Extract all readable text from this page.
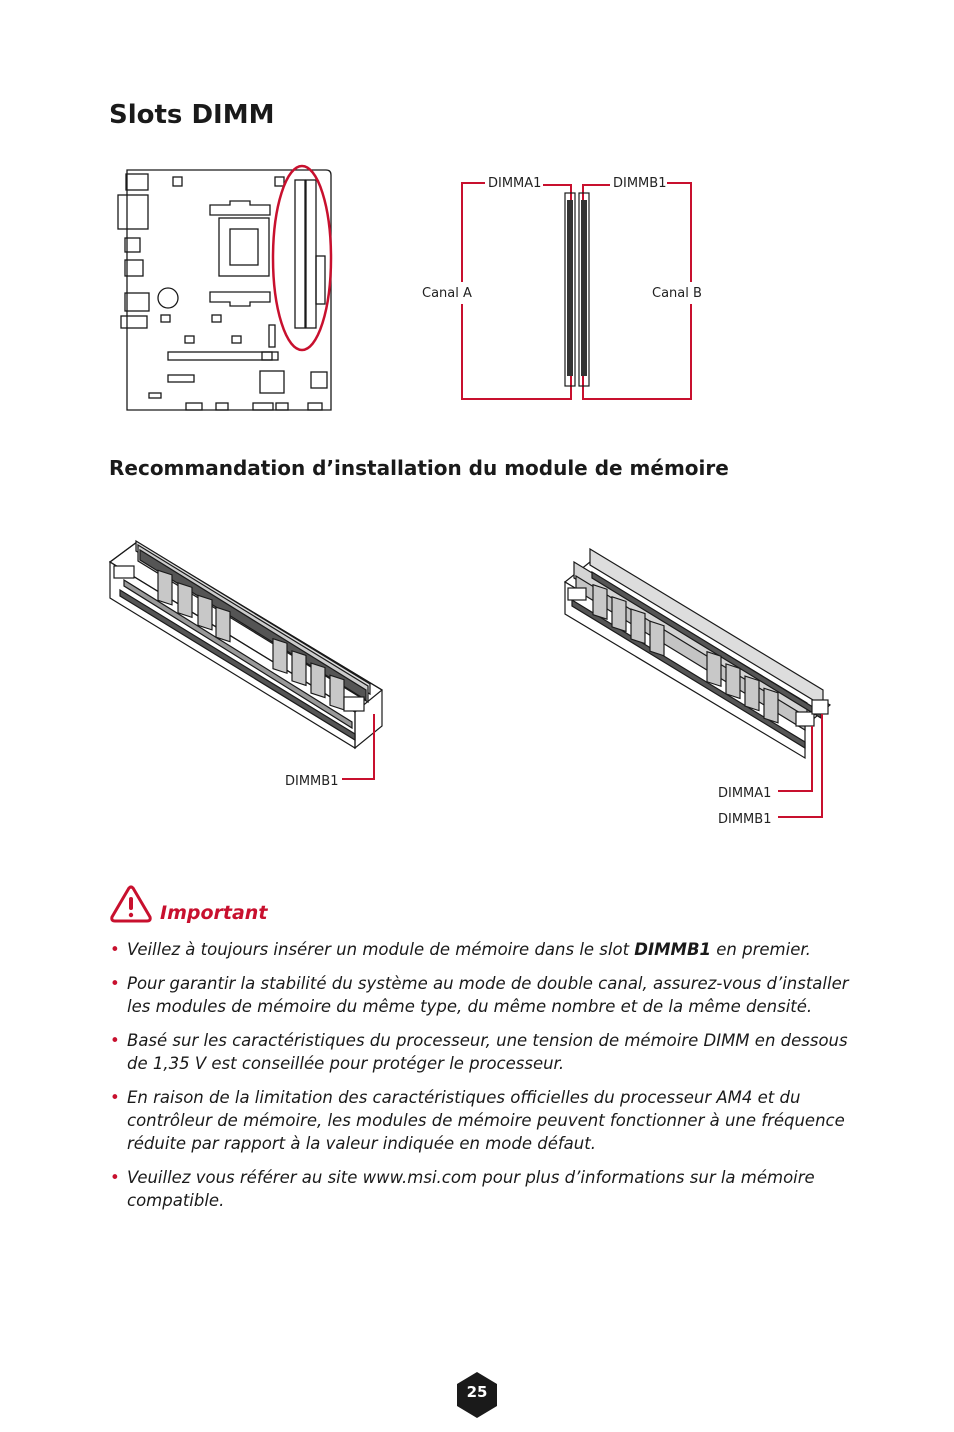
Slots DIMM
DIMMA1	DIMMB1
Canal A	Canal B
DIMMB1
DIMMA1
DIMMB1
Recommandation d’installation du module de mémoire
Important
• Veillez à toujours insérer un module de mémoire dans le slot DIMMB1 en premier.
• Pour garantir la stabilité du système au mode de double canal, assurez-vous d’installer les modules de mémoire du même type, du même nombre et de la même densité.
• Basé sur les caractéristiques du processeur, une tension de mémoire DIMM en dessous de 1,35 V est conseillée pour protéger le processeur.
• En raison de la limitation des caractéristiques officielles du processeur AM4 et du contrôleur de mémoire, les modules de mémoire peuvent fonctionner à une fréquence réduite par rapport à la valeur indiquée en mode défaut.
• Veuillez vous référer au site www.msi.com pour plus d’informations sur la mémoire compatible.
25
